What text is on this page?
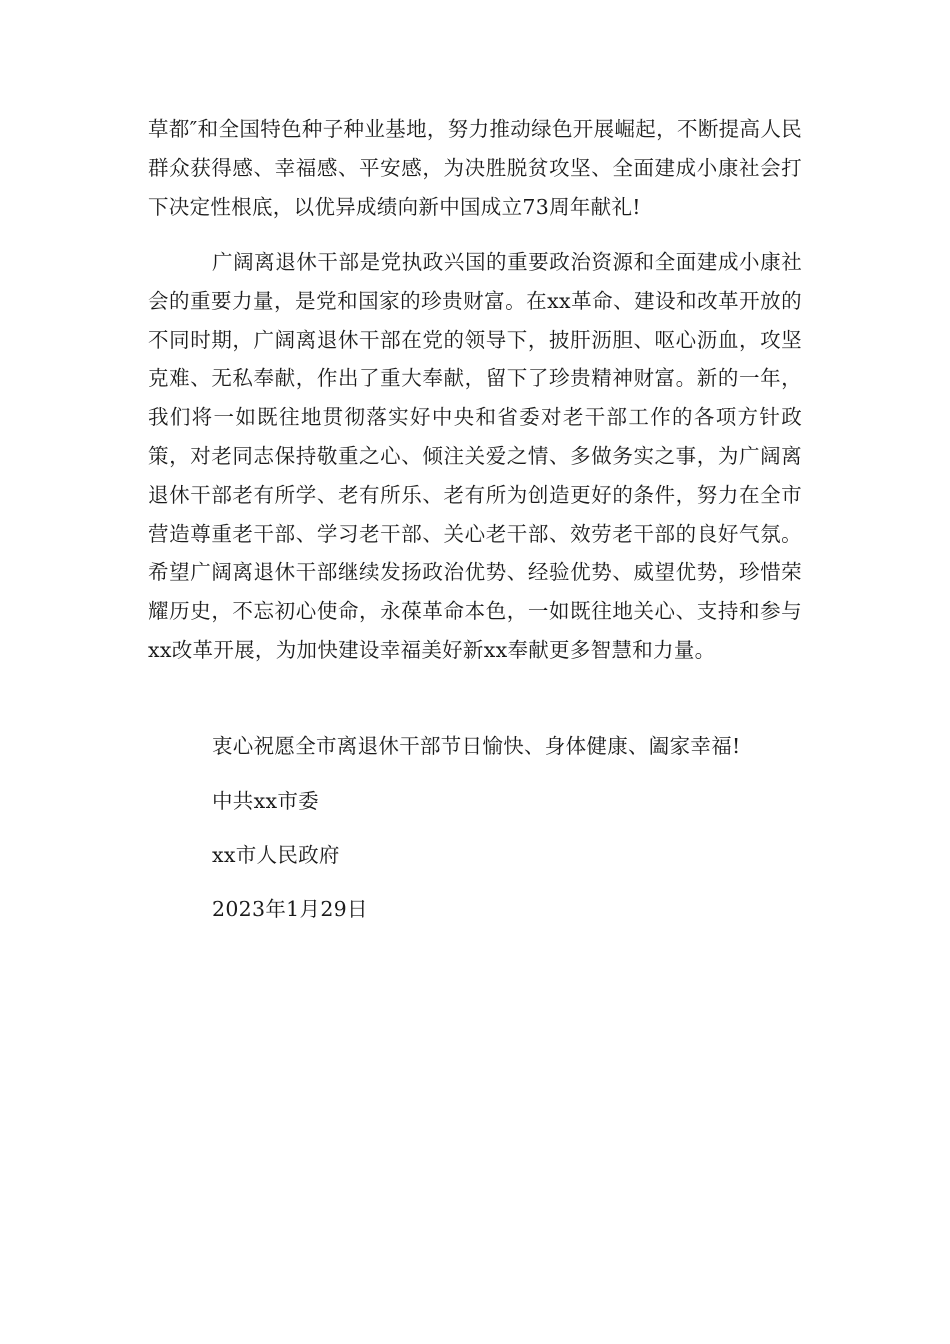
草都″和全国特色种子种业基地，努力推动绿色开展崛起，不断提高人民群众获得感、幸福感、平安感，为决胜脱贫攻坚、全面建成小康社会打下决定性根底，以优异成绩向新中国成立73周年献礼!

广阔离退休干部是党执政兴国的重要政治资源和全面建成小康社会的重要力量，是党和国家的珍贵财富。在xx革命、建设和改革开放的不同时期，广阔离退休干部在党的领导下，披肝沥胆、呕心沥血，攻坚克难、无私奉献，作出了重大奉献，留下了珍贵精神财富。新的一年，我们将一如既往地贯彻落实好中央和省委对老干部工作的各项方针政策，对老同志保持敬重之心、倾注关爱之情、多做务实之事，为广阔离退休干部老有所学、老有所乐、老有所为创造更好的条件，努力在全市营造尊重老干部、学习老干部、关心老干部、效劳老干部的良好气氛。希望广阔离退休干部继续发扬政治优势、经验优势、威望优势，珍惜荣耀历史，不忘初心使命，永葆革命本色，一如既往地关心、支持和参与xx改革开展，为加快建设幸福美好新xx奉献更多智慧和力量。

衷心祝愿全市离退休干部节日愉快、身体健康、阖家幸福!
中共xx市委
xx市人民政府
2023年1月29日
